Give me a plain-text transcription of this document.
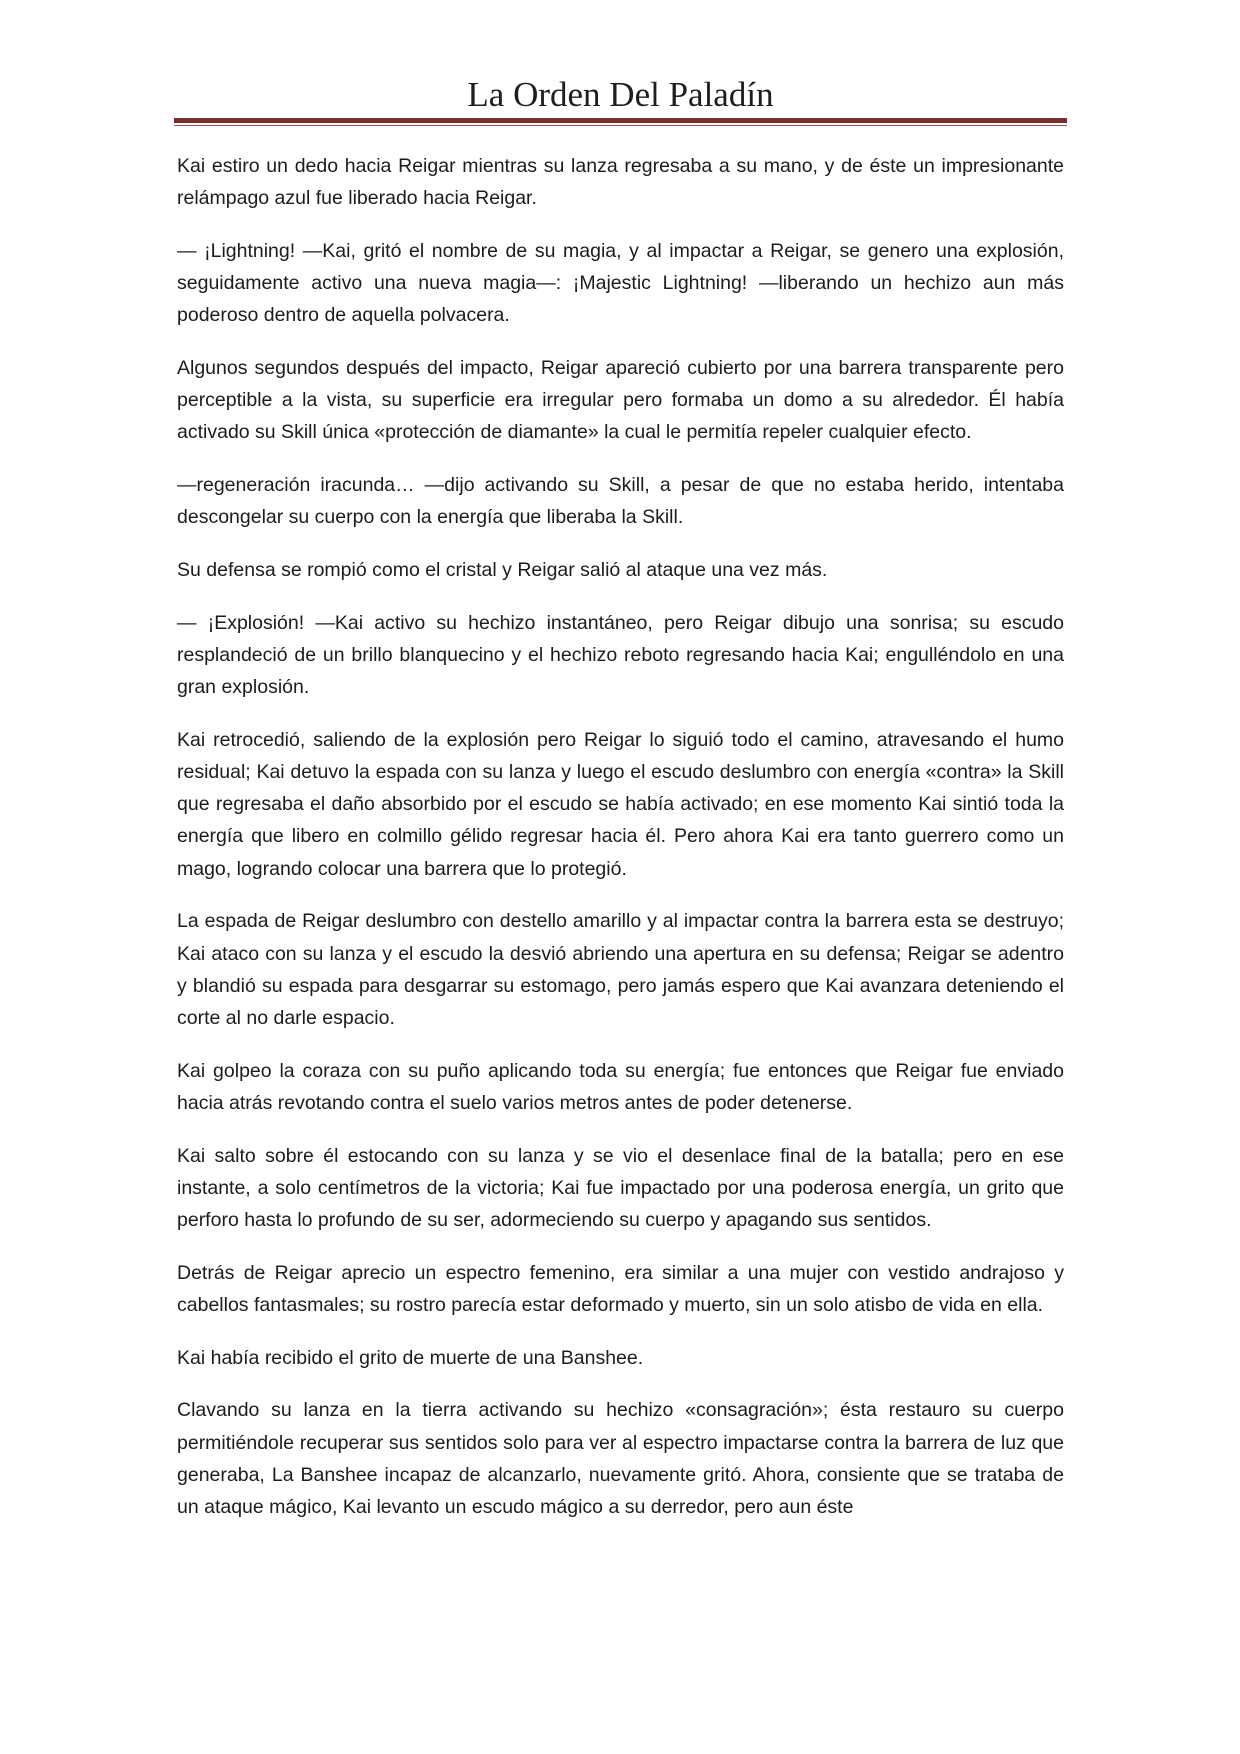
La Orden Del Paladín

Kai estiro un dedo hacia Reigar mientras su lanza regresaba a su mano, y de éste un impresionante relámpago azul fue liberado hacia Reigar.

— ¡Lightning! —Kai, gritó el nombre de su magia, y al impactar a Reigar, se genero una explosión, seguidamente activo una nueva magia—: ¡Majestic Lightning! —liberando un hechizo aun más poderoso dentro de aquella polvacera.

Algunos segundos después del impacto, Reigar apareció cubierto por una barrera transparente pero perceptible a la vista, su superficie era irregular pero formaba un domo a su alrededor. Él había activado su Skill única «protección de diamante» la cual le permitía repeler cualquier efecto.

—regeneración iracunda… —dijo activando su Skill, a pesar de que no estaba herido, intentaba descongelar su cuerpo con la energía que liberaba la Skill.

Su defensa se rompió como el cristal y Reigar salió al ataque una vez más.

— ¡Explosión! —Kai activo su hechizo instantáneo, pero Reigar dibujo una sonrisa; su escudo resplandeció de un brillo blanquecino y el hechizo reboto regresando hacia Kai; engulléndolo en una gran explosión.

Kai retrocedió, saliendo de la explosión pero Reigar lo siguió todo el camino, atravesando el humo residual; Kai detuvo la espada con su lanza y luego el escudo deslumbro con energía «contra» la Skill que regresaba el daño absorbido por el escudo se había activado; en ese momento Kai sintió toda la energía que libero en colmillo gélido regresar hacia él. Pero ahora Kai era tanto guerrero como un mago, logrando colocar una barrera que lo protegió.

La espada de Reigar deslumbro con destello amarillo y al impactar contra la barrera esta se destruyo; Kai ataco con su lanza y el escudo la desvió abriendo una apertura en su defensa; Reigar se adentro y blandió su espada para desgarrar su estomago, pero jamás espero que Kai avanzara deteniendo el corte al no darle espacio.

Kai golpeo la coraza con su puño aplicando toda su energía; fue entonces que Reigar fue enviado hacia atrás revotando contra el suelo varios metros antes de poder detenerse.

Kai salto sobre él estocando con su lanza y se vio el desenlace final de la batalla; pero en ese instante, a solo centímetros de la victoria; Kai fue impactado por una poderosa energía, un grito que perforo hasta lo profundo de su ser, adormeciendo su cuerpo y apagando sus sentidos.

Detrás de Reigar aprecio un espectro femenino, era similar a una mujer con vestido andrajoso y cabellos fantasmales; su rostro parecía estar deformado y muerto, sin un solo atisbo de vida en ella.

Kai había recibido el grito de muerte de una Banshee.

Clavando su lanza en la tierra activando su hechizo «consagración»; ésta restauro su cuerpo permitiéndole recuperar sus sentidos solo para ver al espectro impactarse contra la barrera de luz que generaba, La Banshee incapaz de alcanzarlo, nuevamente gritó. Ahora, consiente que se trataba de un ataque mágico, Kai levanto un escudo mágico a su derredor, pero aun éste
